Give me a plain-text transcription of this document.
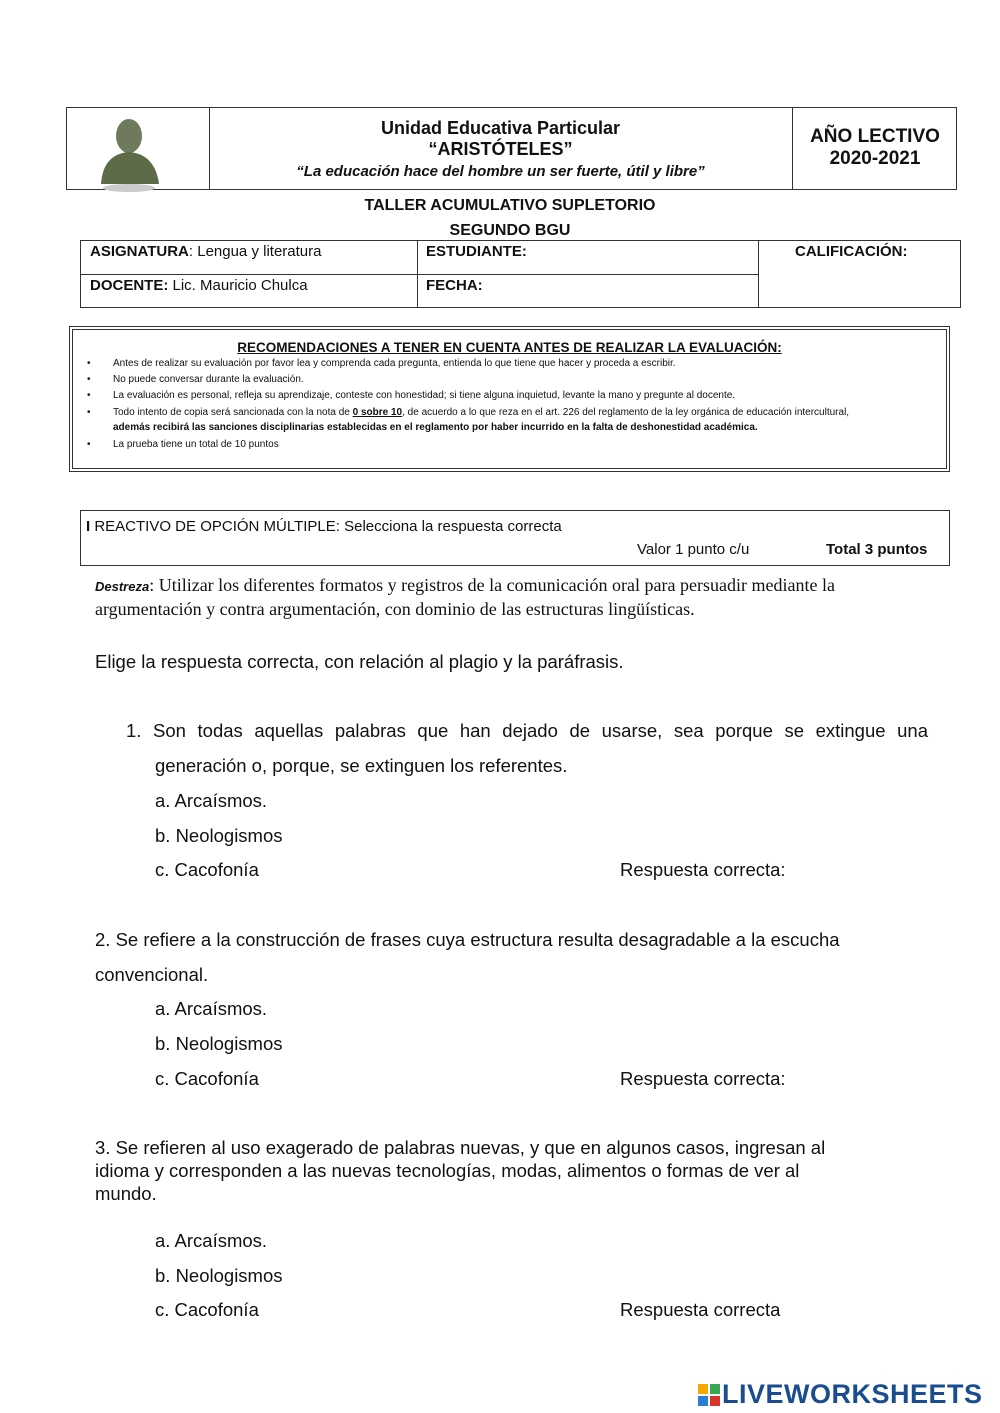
Unidad Educativa Particular
“ARISTÓTELES”
“La educación hace del hombre un ser fuerte, útil y libre”
AÑO LECTIVO
2020-2021
TALLER ACUMULATIVO SUPLETORIO
SEGUNDO BGU
ASIGNATURA: Lengua y literatura	ESTUDIANTE:	CALIFICACIÓN:
DOCENTE: Lic. Mauricio Chulca	FECHA:
RECOMENDACIONES A TENER EN CUENTA ANTES DE REALIZAR LA EVALUACIÓN:
• Antes de realizar su evaluación por favor lea y comprenda cada pregunta, entienda lo que tiene que hacer y proceda a escribir.
• No puede conversar durante la evaluación.
• La evaluación es personal, refleja su aprendizaje, conteste con honestidad; si tiene alguna inquietud, levante la mano y pregunte al docente.
• Todo intento de copia será sancionada con la nota de 0 sobre 10, de acuerdo a lo que reza en el art. 226 del reglamento de la ley orgánica de educación intercultural,
además recibirá las sanciones disciplinarias establecidas en el reglamento por haber incurrido en la falta de deshonestidad académica.
• La prueba tiene un total de 10 puntos
I REACTIVO DE OPCIÓN MÚLTIPLE: Selecciona la respuesta correcta
Valor 1 punto c/u	Total 3 puntos
Destreza: Utilizar los diferentes formatos y registros de la comunicación oral para persuadir mediante la
argumentación y contra argumentación, con dominio de las estructuras lingüísticas.
Elige la respuesta correcta, con relación al plagio y la paráfrasis.
1. Son todas aquellas palabras que han dejado de usarse, sea porque se extingue una
generación o, porque, se extinguen los referentes.
a. Arcaísmos.
b. Neologismos
c. Cacofonía	Respuesta correcta:
2. Se refiere a la construcción de frases cuya estructura resulta desagradable a la escucha
convencional.
a. Arcaísmos.
b. Neologismos
c. Cacofonía	Respuesta correcta:
3. Se refieren al uso exagerado de palabras nuevas, y que en algunos casos, ingresan al
idioma y corresponden a las nuevas tecnologías, modas, alimentos o formas de ver al
mundo.
a. Arcaísmos.
b. Neologismos
c. Cacofonía	Respuesta correcta
LIVEWORKSHEETS
